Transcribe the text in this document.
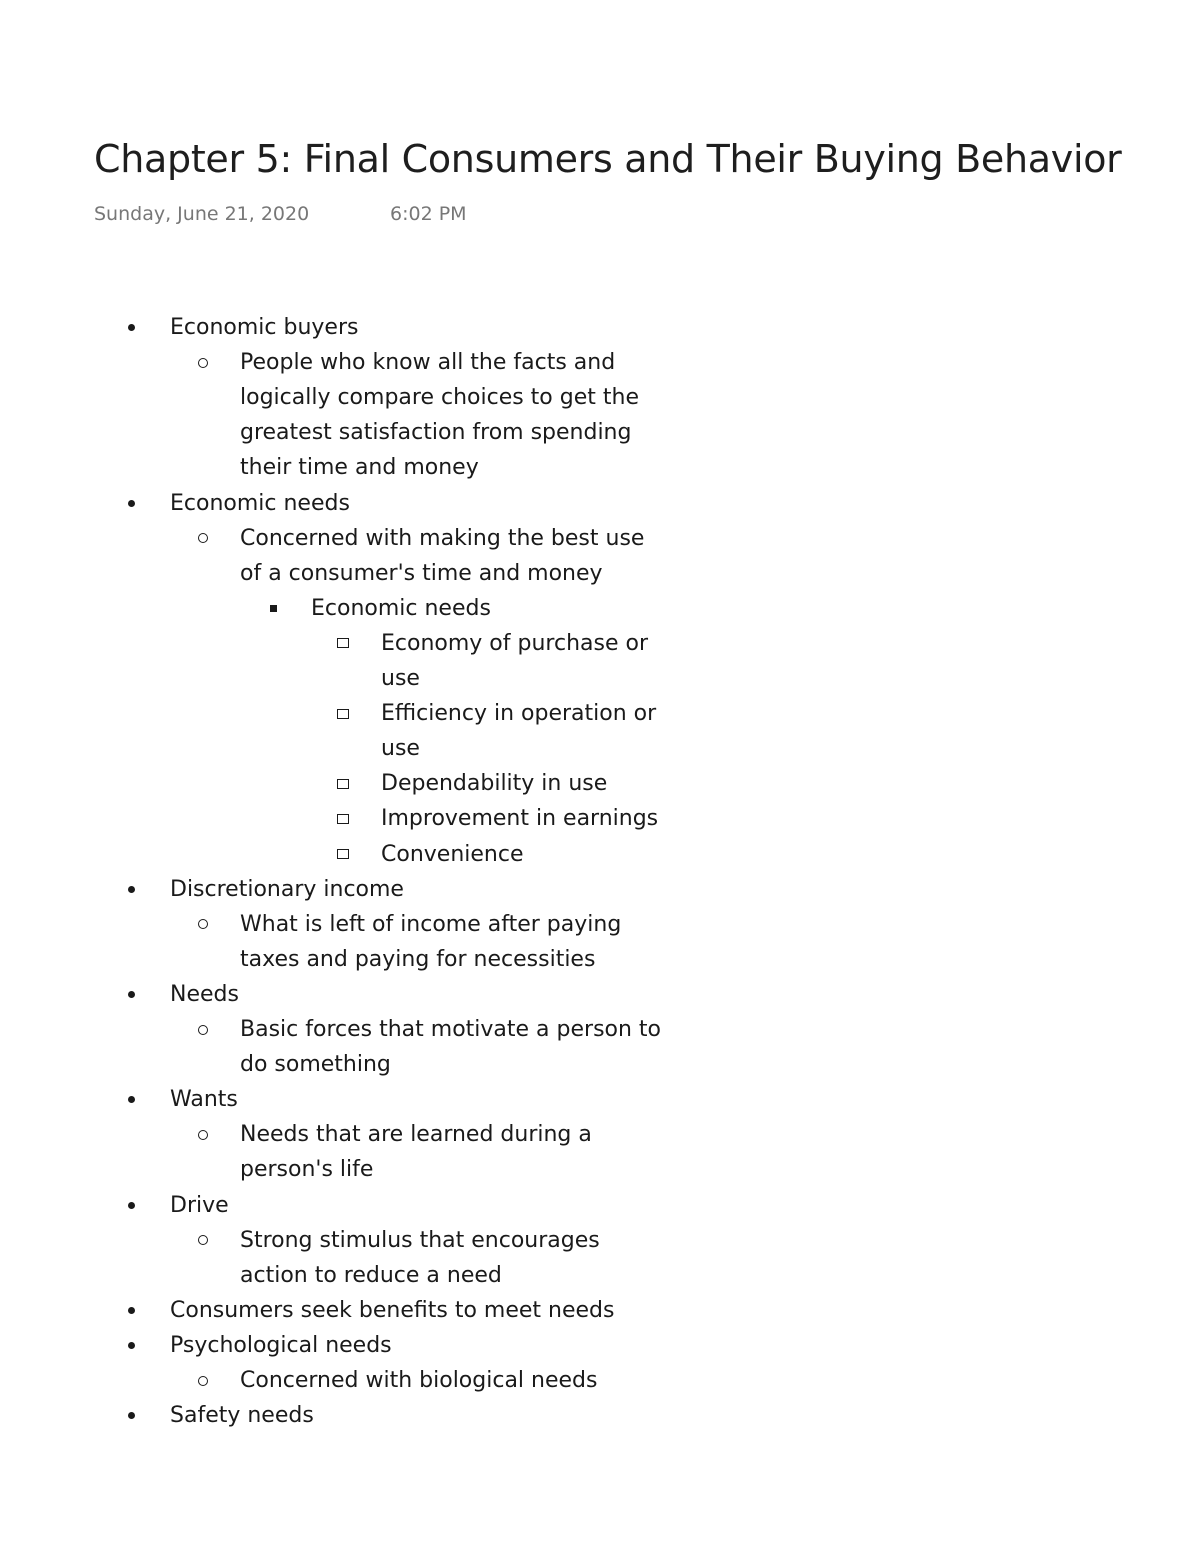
Chapter 5: Final Consumers and Their Buying Behavior
Sunday, June 21, 2020	6:02 PM
Economic buyers
People who know all the facts and
logically compare choices to get the
greatest satisfaction from spending
their time and money
Economic needs
Concerned with making the best use
of a consumer's time and money
Economic needs
Economy of purchase or
use
Efficiency in operation or
use
Dependability in use
Improvement in earnings
Convenience
Discretionary income
What is left of income after paying
taxes and paying for necessities
Needs
Basic forces that motivate a person to
do something
Wants
Needs that are learned during a
person's life
Drive
Strong stimulus that encourages
action to reduce a need
Consumers seek benefits to meet needs
Psychological needs
Concerned with biological needs
Safety needs
